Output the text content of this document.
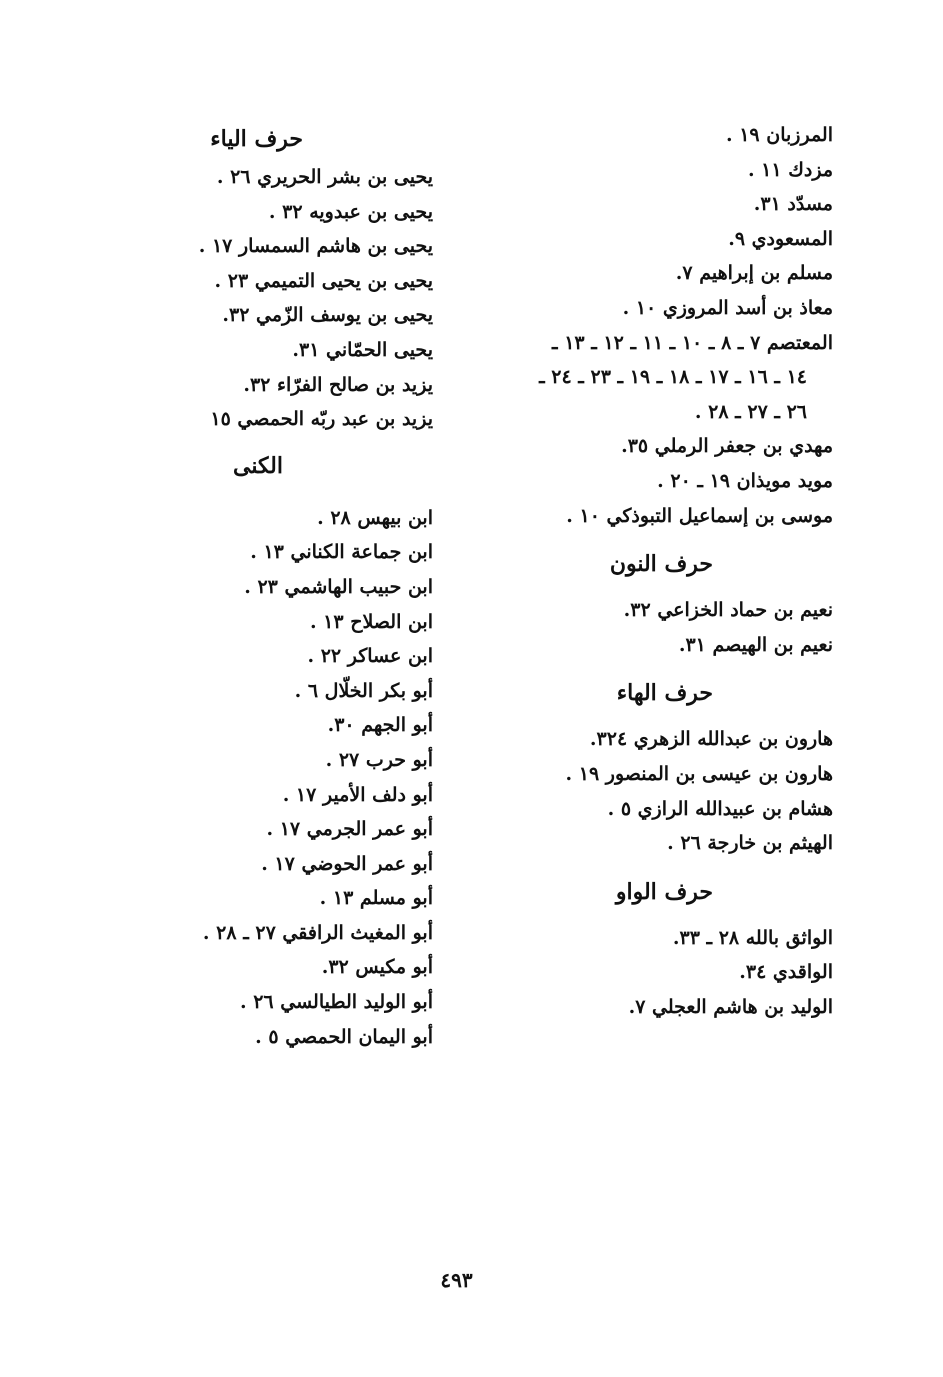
المرزبان ١٩ .
مزدك ١١ .
مسدّد ٣١.
المسعودي ٩.
مسلم بن إبراهيم ٧.
معاذ بن أسد المروزي ١٠ .
المعتصم ٧ ـ ٨ ـ ١٠ ـ ١١ ـ ١٢ ـ ١٣ ـ
١٤ ـ ١٦ ـ ١٧ ـ ١٨ ـ ١٩ ـ ٢٣ ـ ٢٤ ـ
٢٦ ـ ٢٧ ـ ٢٨ .
مهدي بن جعفر الرملي ٣٥.
مويد مويذان ١٩ ـ ٢٠ .
موسى بن إسماعيل التبوذكي ١٠ .
حرف النون
نعيم بن حماد الخزاعي ٣٢.
نعيم بن الهيصم ٣١.
حرف الهاء
هارون بن عبدالله الزهري ٣٢٤.
هارون بن عيسى بن المنصور ١٩ .
هشام بن عبيدالله الرازي ٥ .
الهيثم بن خارجة ٢٦ .
حرف الواو
الواثق بالله ٢٨ ـ ٣٣.
الواقدي ٣٤.
الوليد بن هاشم العجلي ٧.
حرف الياء
يحيى بن بشر الحريري ٢٦ .
يحيى بن عبدويه ٣٢ .
يحيى بن هاشم السمسار ١٧ .
يحيى بن يحيى التميمي ٢٣ .
يحيى بن يوسف الزّمي ٣٢.
يحيى الحمّاني ٣١.
يزيد بن صالح الفرّاء ٣٢.
يزيد بن عبد ربّه الحمصي ١٥
الكنى
ابن بيهس ٢٨ .
ابن جماعة الكناني ١٣ .
ابن حبيب الهاشمي ٢٣ .
ابن الصلاح ١٣ .
ابن عساكر ٢٢ .
أبو بكر الخلّال ٦ .
أبو الجهم ٣٠.
أبو حرب ٢٧ .
أبو دلف الأمير ١٧ .
أبو عمر الجرمي ١٧ .
أبو عمر الحوضي ١٧ .
أبو مسلم ١٣ .
أبو المغيث الرافقي ٢٧ ـ ٢٨ .
أبو مكيس ٣٢.
أبو الوليد الطيالسي ٢٦ .
أبو اليمان الحمصي ٥ .
٤٩٣
